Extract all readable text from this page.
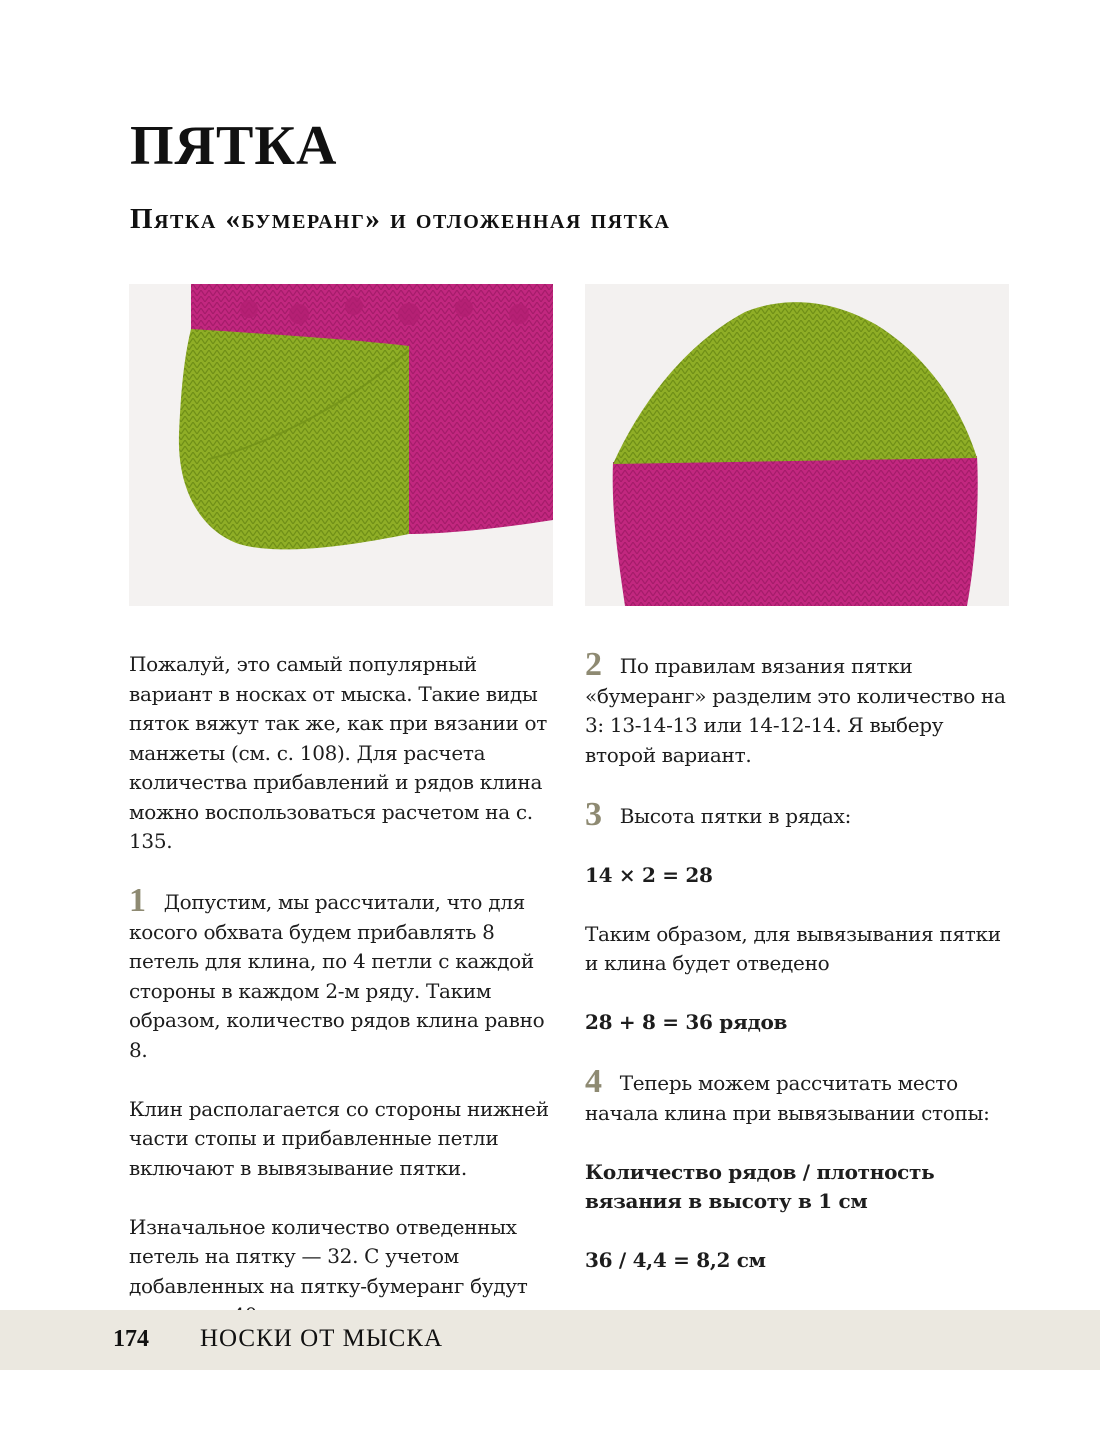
ПЯТКА
Пятка «бумеранг» и отложенная пятка

Пожалуй, это самый популярный вариант в носках от мыска. Такие виды пяток вяжут так же, как при вязании от манжеты (см. с. 108). Для расчета количества прибавлений и рядов клина можно воспользоваться расчетом на с. 135.

1 Допустим, мы рассчитали, что для косого обхвата будем прибавлять 8 петель для клина, по 4 петли с каждой стороны в каждом 2-м ряду. Таким образом, количество рядов клина равно 8.

Клин располагается со стороны нижней части стопы и прибавленные петли включают в вывязывание пятки.

Изначальное количество отведенных петель на пятку — 32. С учетом добавленных на пятку-бумеранг будут

2 По правилам вязания пятки «бумеранг» разделим это количество на 3: 13-14-13 или 14-12-14. Я выберу второй вариант.

3 Высота пятки в рядах:

14 × 2 = 28

Таким образом, для вывязывания пятки и клина будет отведено

28 + 8 = 36 рядов

4 Теперь можем рассчитать место начала клина при вывязывании стопы:

Количество рядов / плотность вязания в высоту в 1 см

36 / 4,4 = 8,2 см

174 НОСКИ ОТ МЫСКА
